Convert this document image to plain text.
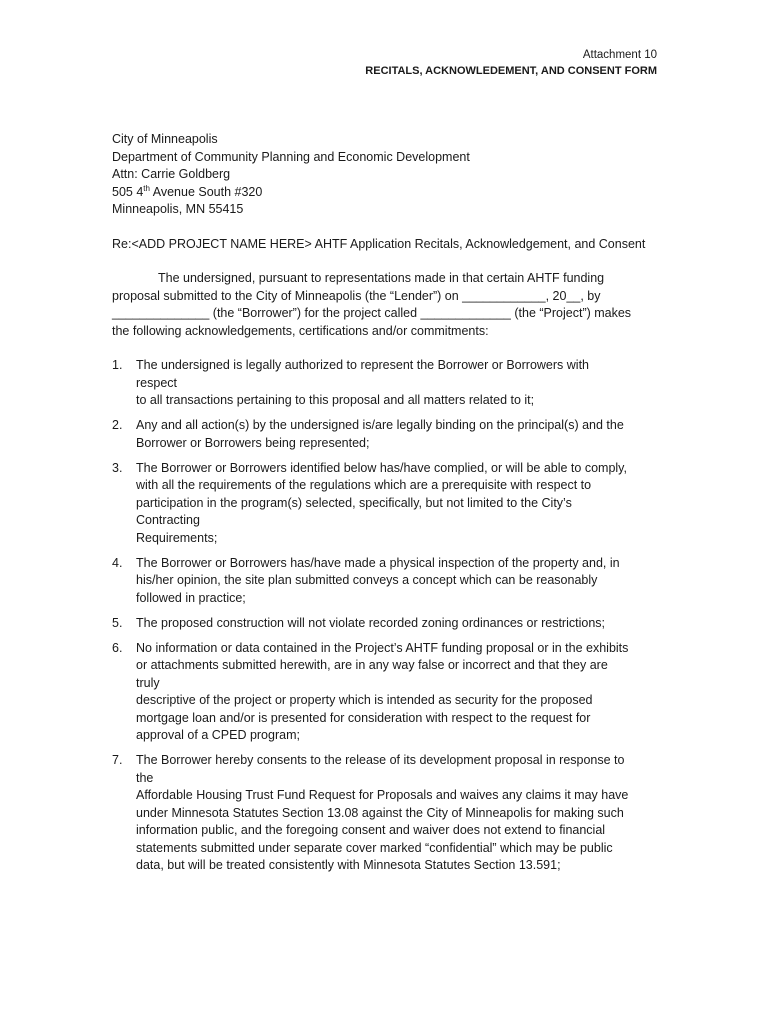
Attachment 10
RECITALS, ACKNOWLEDEMENT, AND CONSENT FORM
City of Minneapolis
Department of Community Planning and Economic Development
Attn: Carrie Goldberg
505 4th Avenue South #320
Minneapolis, MN 55415
Re:<ADD PROJECT NAME HERE> AHTF Application Recitals, Acknowledgement, and Consent
The undersigned, pursuant to representations made in that certain AHTF funding
proposal submitted to the City of Minneapolis (the “Lender”) on ____________, 20__, by
______________ (the “Borrower”) for the project called _____________ (the “Project”) makes
the following acknowledgements, certifications and/or commitments:
1.	The undersigned is legally authorized to represent the Borrower or Borrowers with respect
to all transactions pertaining to this proposal and all matters related to it;
2.	Any and all action(s) by the undersigned is/are legally binding on the principal(s) and the
Borrower or Borrowers being represented;
3.	The Borrower or Borrowers identified below has/have complied, or will be able to comply,
with all the requirements of the regulations which are a prerequisite with respect to
participation in the program(s) selected, specifically, but not limited to the City’s Contracting
Requirements;
4.	The Borrower or Borrowers has/have made a physical inspection of the property and, in
his/her opinion, the site plan submitted conveys a concept which can be reasonably
followed in practice;
5.	The proposed construction will not violate recorded zoning ordinances or restrictions;
6.	No information or data contained in the Project’s AHTF funding proposal or in the exhibits
or attachments submitted herewith, are in any way false or incorrect and that they are truly
descriptive of the project or property which is intended as security for the proposed
mortgage loan and/or is presented for consideration with respect to the request for
approval of a CPED program;
7.	The Borrower hereby consents to the release of its development proposal in response to the
Affordable Housing Trust Fund Request for Proposals and waives any claims it may have
under Minnesota Statutes Section 13.08 against the City of Minneapolis for making such
information public, and the foregoing consent and waiver does not extend to financial
statements submitted under separate cover marked “confidential” which may be public
data, but will be treated consistently with Minnesota Statutes Section 13.591;
